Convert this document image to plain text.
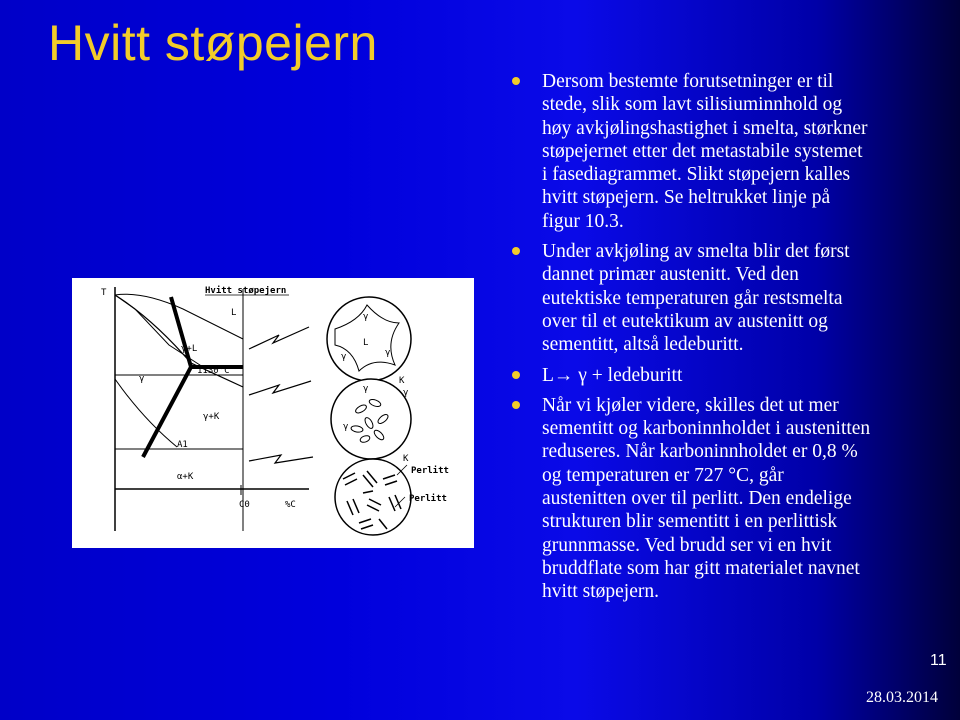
Hvitt støpejern
Hvitt støpejern
T
L
γ+L
γ
1130°C
γ+K
A1
α+K
C0	%C
γ
L
γ
γ
γ
γ
K
γ
K
Perlitt
Perlitt
Dersom bestemte forutsetninger er til stede, slik som lavt silisiuminnhold og høy avkjølingshastighet i smelta, størkner støpejernet etter det metastabile systemet i fasediagrammet. Slikt støpejern kalles hvitt støpejern. Se heltrukket linje på figur 10.3.
Under avkjøling av smelta blir det først dannet primær austenitt. Ved den eutektiske temperaturen går restsmelta over til et eutektikum av austenitt og sementitt, altså ledeburitt.
L→ γ + ledeburitt
Når vi kjøler videre, skilles det ut mer sementitt og karboninnholdet i austenitten reduseres. Når karboninnholdet er 0,8 % og temperaturen er 727 °C, går austenitten over til perlitt. Den endelige strukturen blir sementitt i en perlittisk grunnmasse. Ved brudd ser vi en hvit bruddflate som har gitt materialet navnet hvitt støpejern.
11
28.03.2014
